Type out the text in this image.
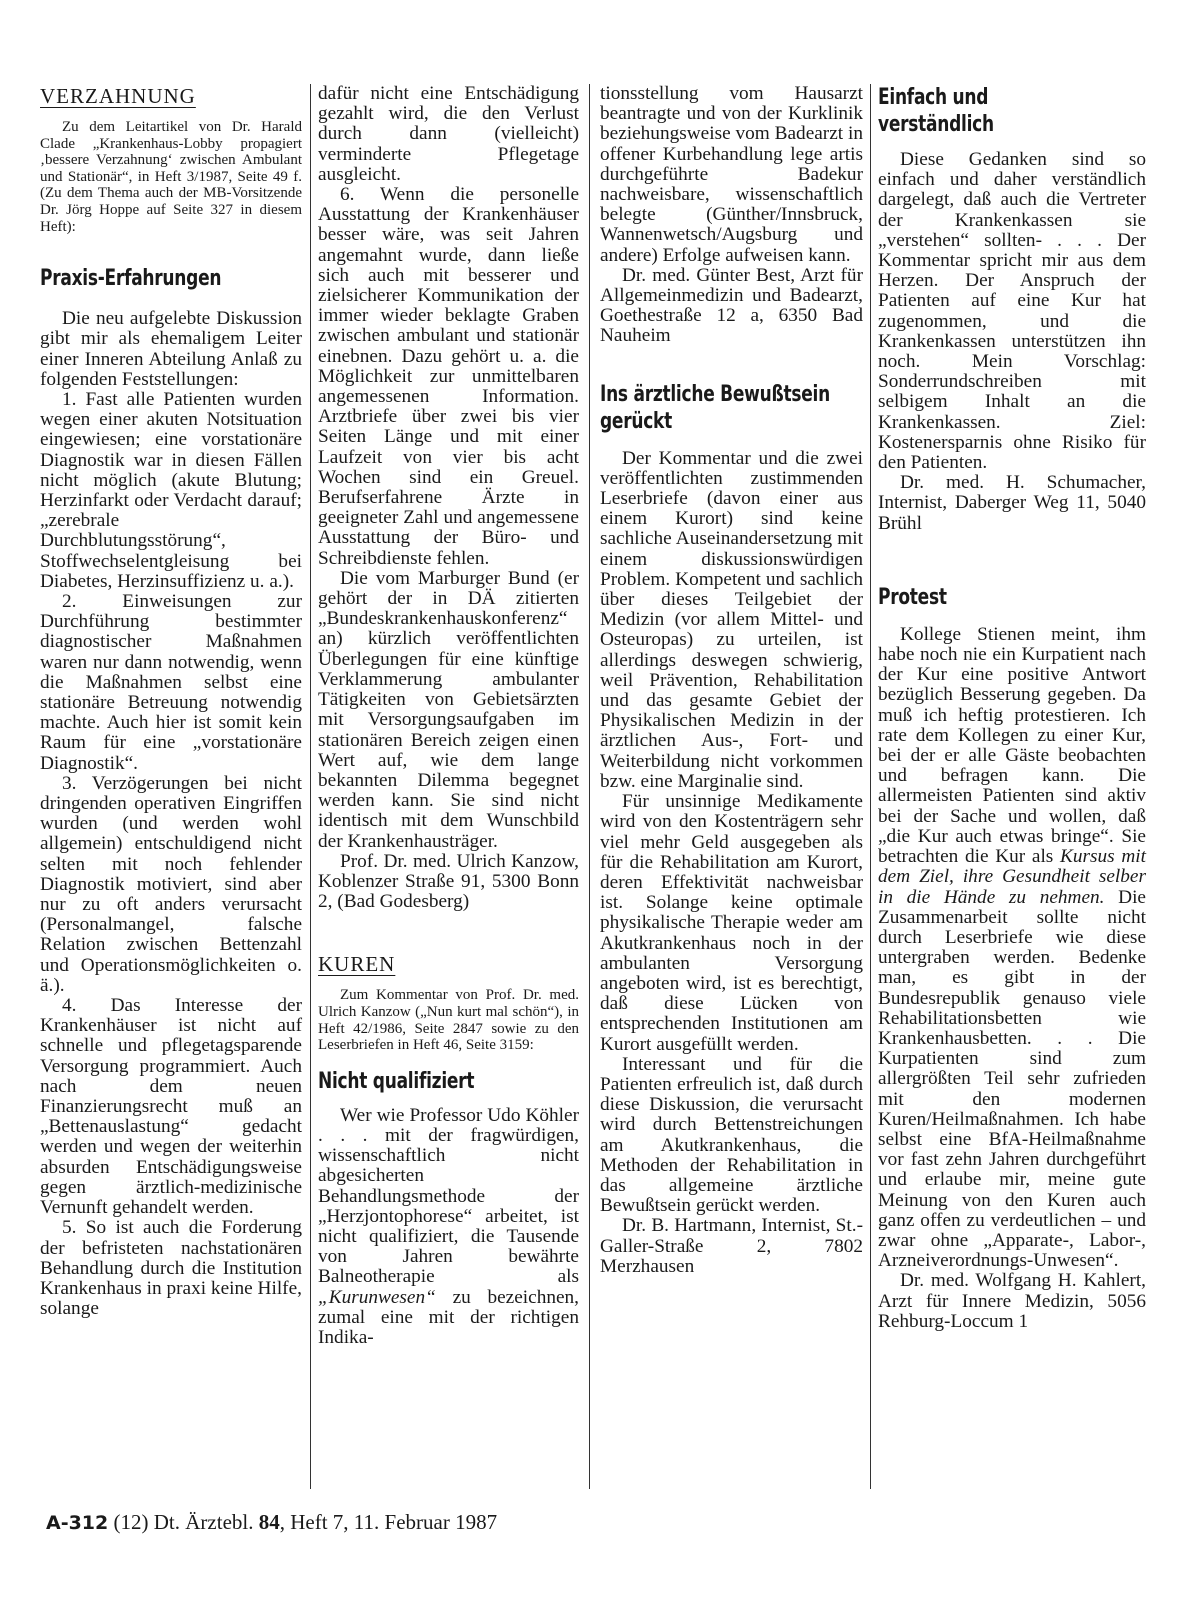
VERZAHNUNG

Zu dem Leitartikel von Dr. Harald Clade „Krankenhaus-Lobby propagiert ‚bessere Verzahnung‘ zwischen Ambulant und Stationär“, in Heft 3/1987, Seite 49 f. (Zu dem Thema auch der MB-Vorsitzende Dr. Jörg Hoppe auf Seite 327 in diesem Heft):

Praxis-Erfahrungen

Die neu aufgelebte Diskussion gibt mir als ehemaligem Leiter einer Inneren Abteilung Anlaß zu folgenden Feststellungen:

1. Fast alle Patienten wurden wegen einer akuten Notsituation eingewiesen; eine vorstationäre Diagnostik war in diesen Fällen nicht möglich (akute Blutung; Herzinfarkt oder Verdacht darauf; „zerebrale Durchblutungsstörung“, Stoffwechselentgleisung bei Diabetes, Herzinsuffizienz u. a.).

2. Einweisungen zur Durchführung bestimmter diagnostischer Maßnahmen waren nur dann notwendig, wenn die Maßnahmen selbst eine stationäre Betreuung notwendig machte. Auch hier ist somit kein Raum für eine „vorstationäre Diagnostik“.

3. Verzögerungen bei nicht dringenden operativen Eingriffen wurden (und werden wohl allgemein) entschuldigend nicht selten mit noch fehlender Diagnostik motiviert, sind aber nur zu oft anders verursacht (Personalmangel, falsche Relation zwischen Bettenzahl und Operationsmöglichkeiten o. ä.).

4. Das Interesse der Krankenhäuser ist nicht auf schnelle und pflegetagsparende Versorgung programmiert. Auch nach dem neuen Finanzierungsrecht muß an „Bettenauslastung“ gedacht werden und wegen der weiterhin absurden Entschädigungsweise gegen ärztlich-medizinische Vernunft gehandelt werden.

5. So ist auch die Forderung der befristeten nachstationären Behandlung durch die Institution Krankenhaus in praxi keine Hilfe, solange

dafür nicht eine Entschädigung gezahlt wird, die den Verlust durch dann (vielleicht) verminderte Pflegetage ausgleicht.

6. Wenn die personelle Ausstattung der Krankenhäuser besser wäre, was seit Jahren angemahnt wurde, dann ließe sich auch mit besserer und zielsicherer Kommunikation der immer wieder beklagte Graben zwischen ambulant und stationär einebnen. Dazu gehört u. a. die Möglichkeit zur unmittelbaren angemessenen Information. Arztbriefe über zwei bis vier Seiten Länge und mit einer Laufzeit von vier bis acht Wochen sind ein Greuel. Berufserfahrene Ärzte in geeigneter Zahl und angemessene Ausstattung der Büro- und Schreibdienste fehlen.

Die vom Marburger Bund (er gehört der in DÄ zitierten „Bundeskrankenhauskonferenz“ an) kürzlich veröffentlichten Überlegungen für eine künftige Verklammerung ambulanter Tätigkeiten von Gebietsärzten mit Versorgungsaufgaben im stationären Bereich zeigen einen Wert auf, wie dem lange bekannten Dilemma begegnet werden kann. Sie sind nicht identisch mit dem Wunschbild der Krankenhausträger.

Prof. Dr. med. Ulrich Kanzow, Koblenzer Straße 91, 5300 Bonn 2, (Bad Godesberg)

KUREN

Zum Kommentar von Prof. Dr. med. Ulrich Kanzow („Nun kurt mal schön“), in Heft 42/1986, Seite 2847 sowie zu den Leserbriefen in Heft 46, Seite 3159:

Nicht qualifiziert

Wer wie Professor Udo Köhler . . . mit der fragwürdigen, wissenschaftlich nicht abgesicherten Behandlungsmethode der „Herzjontophorese“ arbeitet, ist nicht qualifiziert, die Tausende von Jahren bewährte Balneotherapie als „Kurunwesen“ zu bezeichnen, zumal eine mit der richtigen Indika-

tionsstellung vom Hausarzt beantragte und von der Kurklinik beziehungsweise vom Badearzt in offener Kurbehandlung lege artis durchgeführte Badekur nachweisbare, wissenschaftlich belegte (Günther/Innsbruck, Wannenwetsch/Augsburg und andere) Erfolge aufweisen kann.

Dr. med. Günter Best, Arzt für Allgemeinmedizin und Badearzt, Goethestraße 12 a, 6350 Bad Nauheim

Ins ärztliche Bewußtsein gerückt

Der Kommentar und die zwei veröffentlichten zustimmenden Leserbriefe (davon einer aus einem Kurort) sind keine sachliche Auseinandersetzung mit einem diskussionswürdigen Problem. Kompetent und sachlich über dieses Teilgebiet der Medizin (vor allem Mittel- und Osteuropas) zu urteilen, ist allerdings deswegen schwierig, weil Prävention, Rehabilitation und das gesamte Gebiet der Physikalischen Medizin in der ärztlichen Aus-, Fort- und Weiterbildung nicht vorkommen bzw. eine Marginalie sind.

Für unsinnige Medikamente wird von den Kostenträgern sehr viel mehr Geld ausgegeben als für die Rehabilitation am Kurort, deren Effektivität nachweisbar ist. Solange keine optimale physikalische Therapie weder am Akutkrankenhaus noch in der ambulanten Versorgung angeboten wird, ist es berechtigt, daß diese Lücken von entsprechenden Institutionen am Kurort ausgefüllt werden.

Interessant und für die Patienten erfreulich ist, daß durch diese Diskussion, die verursacht wird durch Bettenstreichungen am Akutkrankenhaus, die Methoden der Rehabilitation in das allgemeine ärztliche Bewußtsein gerückt werden.

Dr. B. Hartmann, Internist, St.-Galler-Straße 2, 7802 Merzhausen

Einfach und verständlich

Diese Gedanken sind so einfach und daher verständlich dargelegt, daß auch die Vertreter der Krankenkassen sie „verstehen“ sollten- . . . Der Kommentar spricht mir aus dem Herzen. Der Anspruch der Patienten auf eine Kur hat zugenommen, und die Krankenkassen unterstützen ihn noch. Mein Vorschlag: Sonderrundschreiben mit selbigem Inhalt an die Krankenkassen. Ziel: Kostenersparnis ohne Risiko für den Patienten.

Dr. med. H. Schumacher, Internist, Daberger Weg 11, 5040 Brühl

Protest

Kollege Stienen meint, ihm habe noch nie ein Kurpatient nach der Kur eine positive Antwort bezüglich Besserung gegeben. Da muß ich heftig protestieren. Ich rate dem Kollegen zu einer Kur, bei der er alle Gäste beobachten und befragen kann. Die allermeisten Patienten sind aktiv bei der Sache und wollen, daß „die Kur auch etwas bringe“. Sie betrachten die Kur als Kursus mit dem Ziel, ihre Gesundheit selber in die Hände zu nehmen. Die Zusammenarbeit sollte nicht durch Leserbriefe wie diese untergraben werden. Bedenke man, es gibt in der Bundesrepublik genauso viele Rehabilitationsbetten wie Krankenhausbetten. . . Die Kurpatienten sind zum allergrößten Teil sehr zufrieden mit den modernen Kuren/Heilmaßnahmen. Ich habe selbst eine BfA-Heilmaßnahme vor fast zehn Jahren durchgeführt und erlaube mir, meine gute Meinung von den Kuren auch ganz offen zu verdeutlichen – und zwar ohne „Apparate-, Labor-, Arzneiverordnungs-Unwesen“.

Dr. med. Wolfgang H. Kahlert, Arzt für Innere Medizin, 5056 Rehburg-Loccum 1

A-312 (12) Dt. Ärztebl. 84, Heft 7, 11. Februar 1987
